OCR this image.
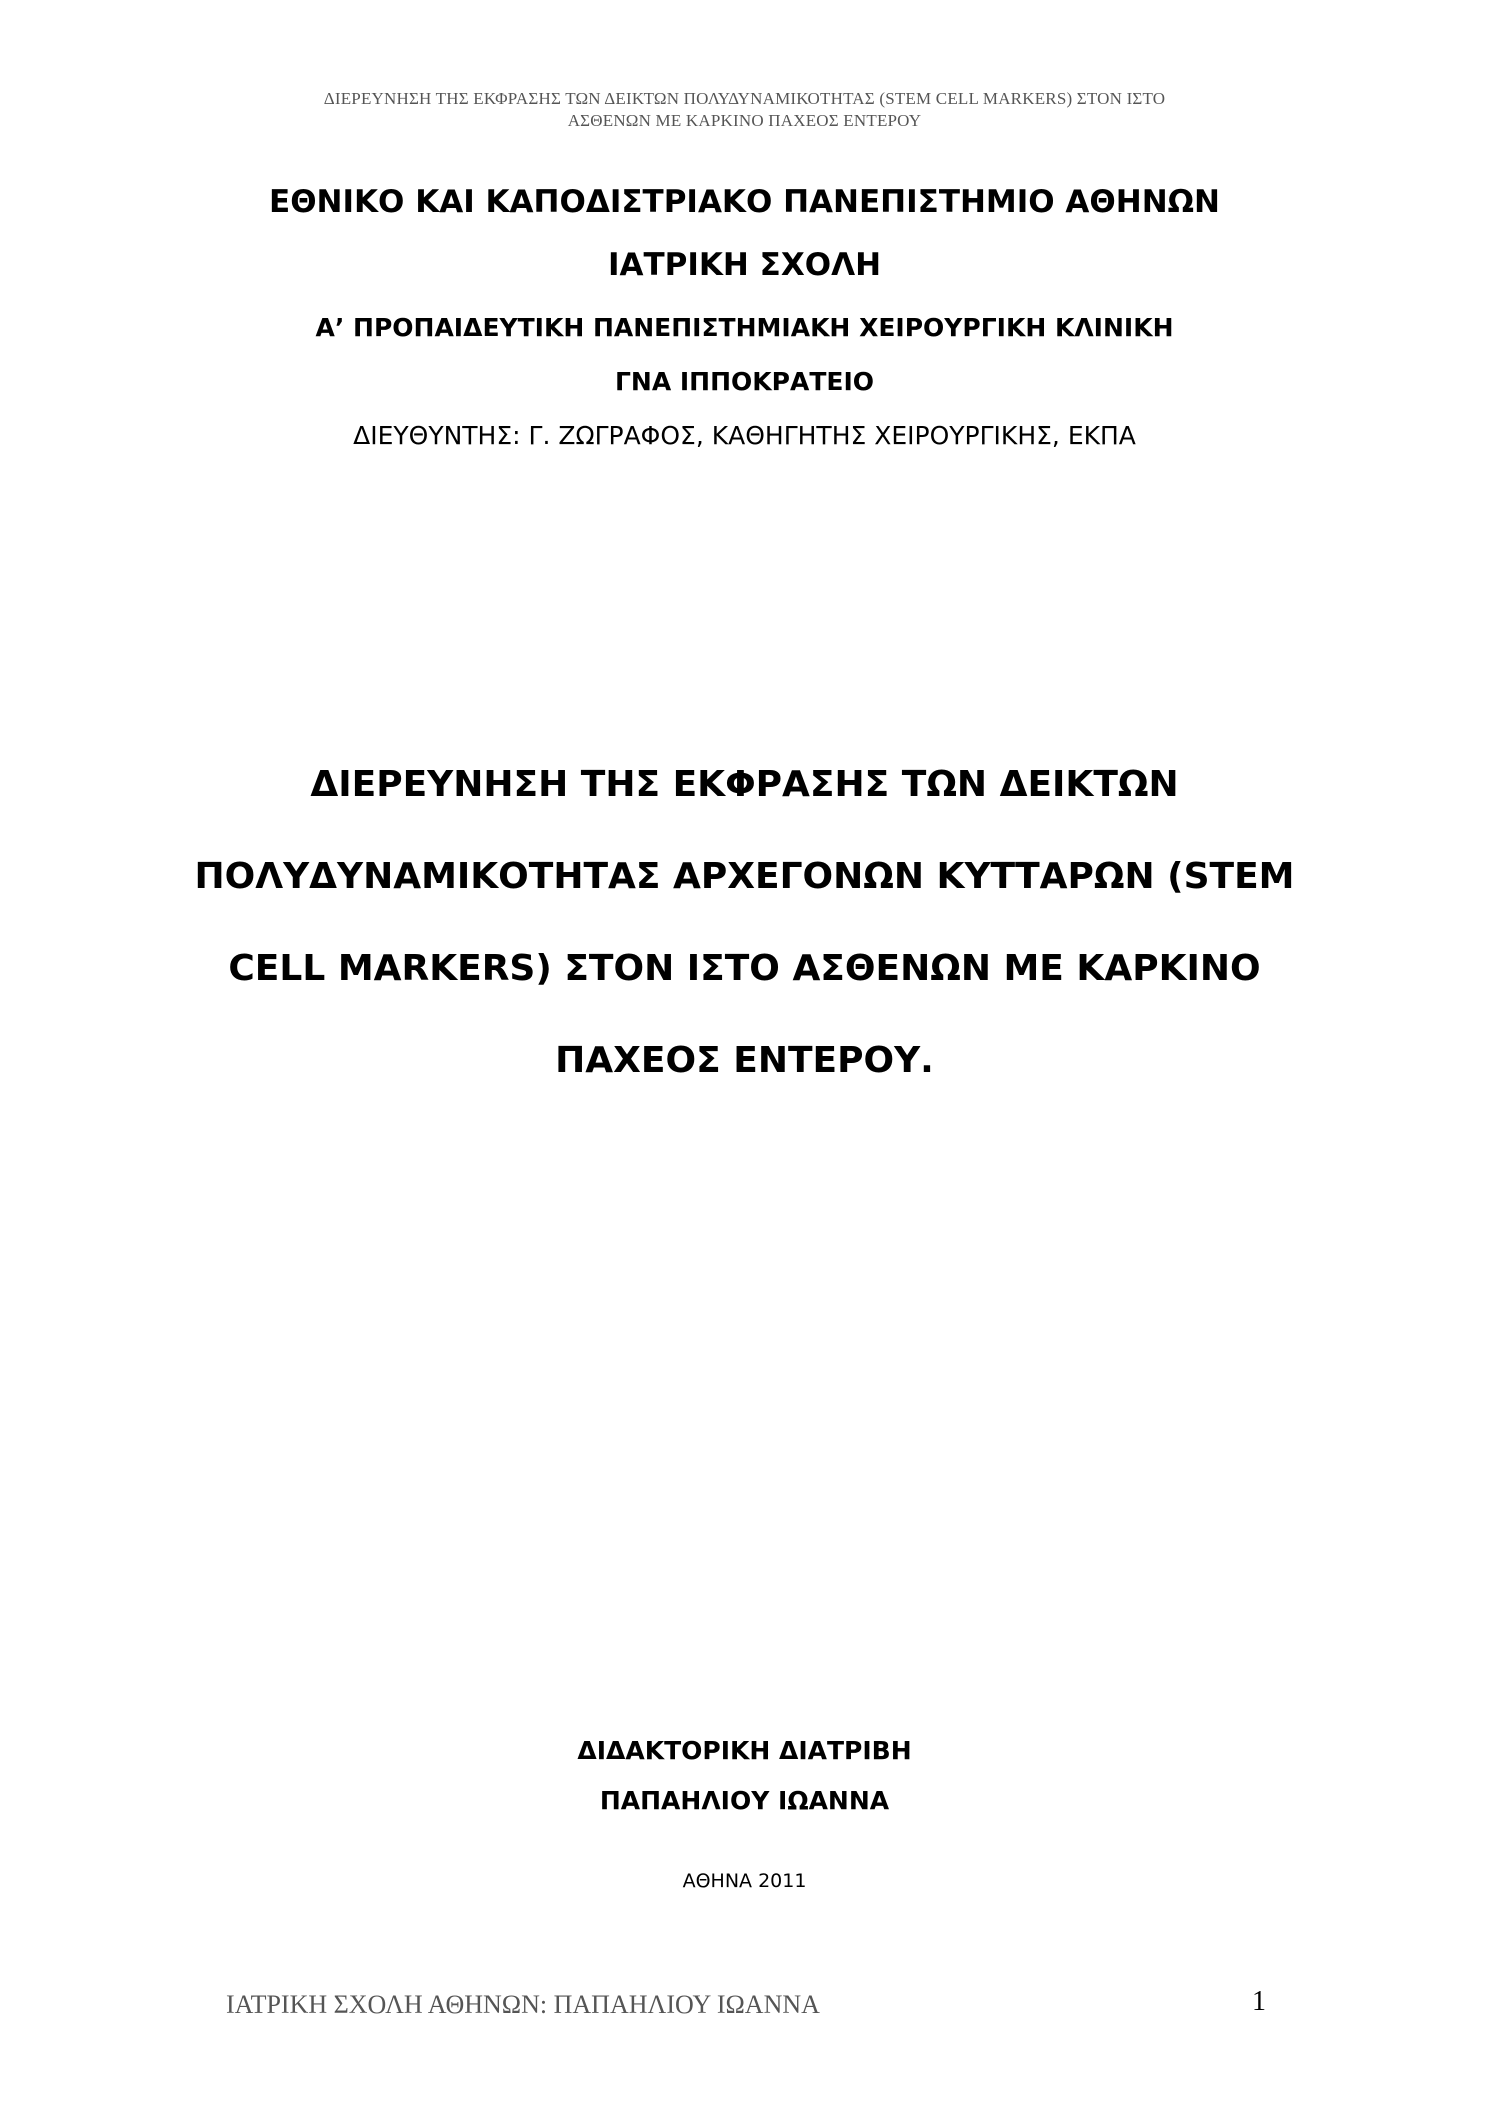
ΔΙΕΡΕΥΝΗΣΗ ΤΗΣ ΕΚΦΡΑΣΗΣ ΤΩΝ ΔΕΙΚΤΩΝ ΠΟΛΥΔΥΝΑΜΙΚΟΤΗΤΑΣ (STEM CELL MARKERS) ΣΤΟΝ ΙΣΤΟ
ΑΣΘΕΝΩΝ ΜΕ ΚΑΡΚΙΝΟ ΠΑΧΕΟΣ ΕΝΤΕΡΟΥ
ΕΘΝΙΚΟ ΚΑΙ ΚΑΠΟΔΙΣΤΡΙΑΚΟ ΠΑΝΕΠΙΣΤΗΜΙΟ ΑΘΗΝΩΝ
ΙΑΤΡΙΚΗ ΣΧΟΛΗ
Α’ ΠΡΟΠΑΙΔΕΥΤΙΚΗ ΠΑΝΕΠΙΣΤΗΜΙΑΚΗ ΧΕΙΡΟΥΡΓΙΚΗ ΚΛΙΝΙΚΗ
ΓΝΑ ΙΠΠΟΚΡΑΤΕΙΟ
ΔΙΕΥΘΥΝΤΗΣ: Γ. ΖΩΓΡΑΦΟΣ, ΚΑΘΗΓΗΤΗΣ ΧΕΙΡΟΥΡΓΙΚΗΣ, ΕΚΠΑ
ΔΙΕΡΕΥΝΗΣΗ ΤΗΣ ΕΚΦΡΑΣΗΣ ΤΩΝ ΔΕΙΚΤΩΝ
ΠΟΛΥΔΥΝΑΜΙΚΟΤΗΤΑΣ ΑΡΧΕΓΟΝΩΝ ΚΥΤΤΑΡΩΝ (STEM
CELL MARKERS) ΣΤΟΝ ΙΣΤΟ ΑΣΘΕΝΩΝ ΜΕ ΚΑΡΚΙΝΟ
ΠΑΧΕΟΣ ΕΝΤΕΡΟΥ.
ΔΙΔΑΚΤΟΡΙΚΗ ΔΙΑΤΡΙΒΗ
ΠΑΠΑΗΛΙΟΥ ΙΩΑΝΝΑ
ΑΘΗΝΑ 2011
ΙΑΤΡΙΚΗ ΣΧΟΛΗ ΑΘΗΝΩΝ: ΠΑΠΑΗΛΙΟΥ ΙΩΑΝΝΑ	1
